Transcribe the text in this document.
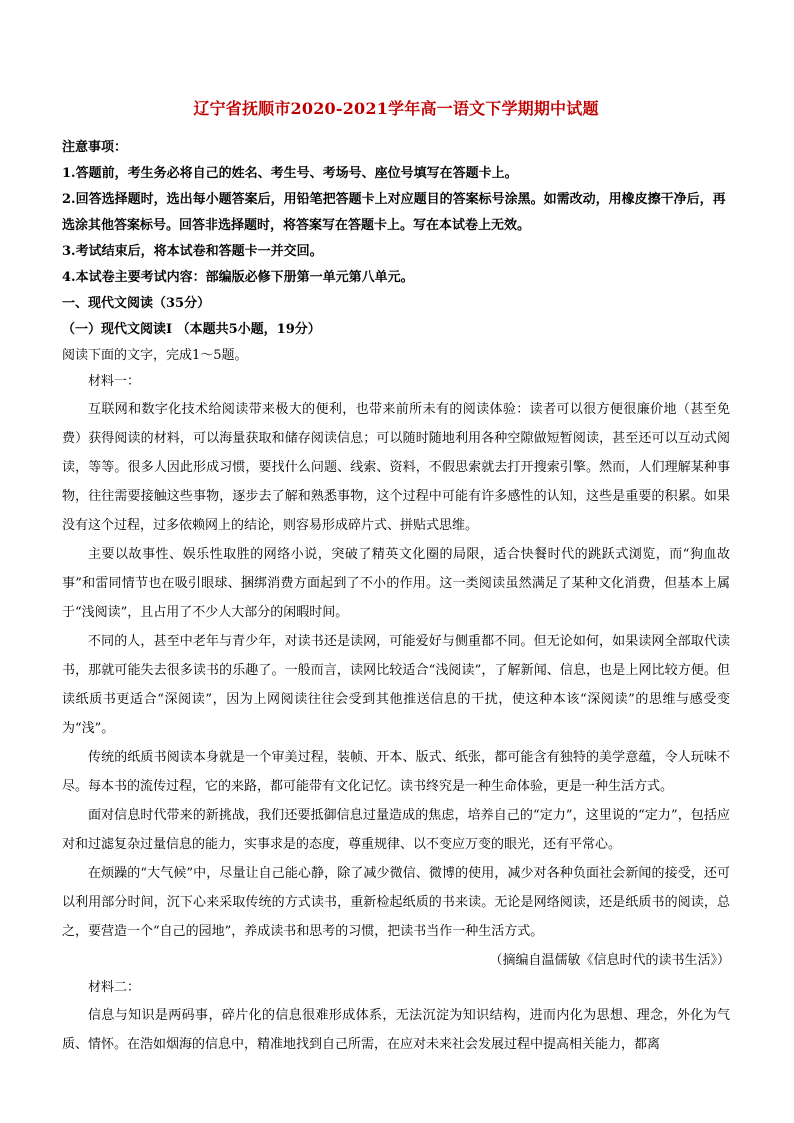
辽宁省抚顺市2020-2021学年高一语文下学期期中试题

注意事项：

1.答题前，考生务必将自己的姓名、考生号、考场号、座位号填写在答题卡上。

2.回答选择题时，选出每小题答案后，用铅笔把答题卡上对应题目的答案标号涂黑。如需改动，用橡皮擦干净后，再选涂其他答案标号。回答非选择题时，将答案写在答题卡上。写在本试卷上无效。

3.考试结束后，将本试卷和答题卡一并交回。

4.本试卷主要考试内容：部编版必修下册第一单元第八单元。

一、现代文阅读（35分）

（一）现代文阅读Ⅰ （本题共5小题，19分）

阅读下面的文字，完成1～5题。

材料一：

互联网和数字化技术给阅读带来极大的便利，也带来前所未有的阅读体验：读者可以很方便很廉价地（甚至免费）获得阅读的材料，可以海量获取和储存阅读信息；可以随时随地利用各种空隙做短暂阅读，甚至还可以互动式阅读，等等。很多人因此形成习惯，要找什么问题、线索、资料，不假思索就去打开搜索引擎。然而，人们理解某种事物，往往需要接触这些事物，逐步去了解和熟悉事物，这个过程中可能有许多感性的认知，这些是重要的积累。如果没有这个过程，过多依赖网上的结论，则容易形成碎片式、拼贴式思维。

主要以故事性、娱乐性取胜的网络小说，突破了精英文化圈的局限，适合快餐时代的跳跃式浏览，而“狗血故事”和雷同情节也在吸引眼球、捆绑消费方面起到了不小的作用。这一类阅读虽然满足了某种文化消费，但基本上属于“浅阅读”，且占用了不少人大部分的闲暇时间。

不同的人，甚至中老年与青少年，对读书还是读网，可能爱好与侧重都不同。但无论如何，如果读网全部取代读书，那就可能失去很多读书的乐趣了。一般而言，读网比较适合“浅阅读”，了解新闻、信息，也是上网比较方便。但读纸质书更适合“深阅读”，因为上网阅读往往会受到其他推送信息的干扰，使这种本该“深阅读”的思维与感受变为“浅”。

传统的纸质书阅读本身就是一个审美过程，装帧、开本、版式、纸张，都可能含有独特的美学意蕴，令人玩味不尽。每本书的流传过程，它的来路，都可能带有文化记忆。读书终究是一种生命体验，更是一种生活方式。

面对信息时代带来的新挑战，我们还要抵御信息过量造成的焦虑，培养自己的“定力”，这里说的“定力”，包括应对和过滤复杂过量信息的能力，实事求是的态度，尊重规律、以不变应万变的眼光，还有平常心。

在烦躁的“大气候”中，尽量让自己能心静，除了减少微信、微博的使用，减少对各种负面社会新闻的接受，还可以利用部分时间，沉下心来采取传统的方式读书，重新检起纸质的书来读。无论是网络阅读，还是纸质书的阅读，总之，要营造一个“自己的园地”，养成读书和思考的习惯，把读书当作一种生活方式。

（摘编自温儒敏《信息时代的读书生活》）

材料二：

信息与知识是两码事，碎片化的信息很难形成体系，无法沉淀为知识结构，进而内化为思想、理念，外化为气质、情怀。在浩如烟海的信息中，精准地找到自己所需，在应对未来社会发展过程中提高相关能力，都离
